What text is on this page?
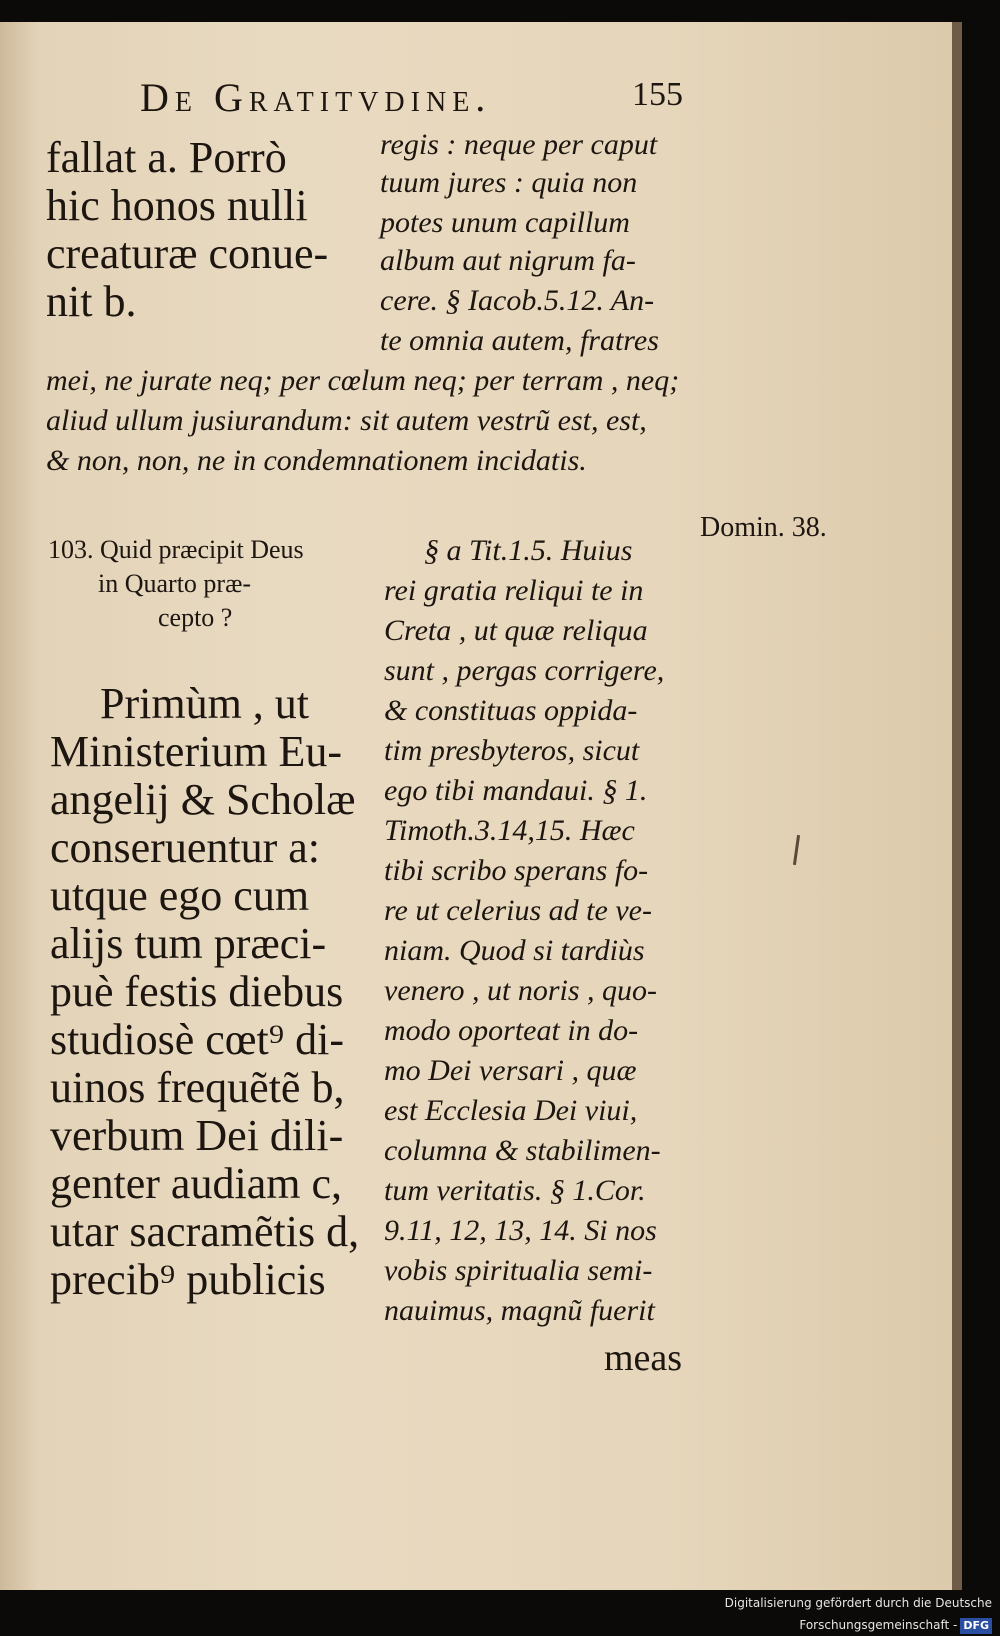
De Gratitvdine.	155
fallat a. Porrò
hic honos nulli
creaturæ conue-
nit b.
regis : neque per caput
tuum jures : quia non
potes unum capillum
album aut nigrum fa-
cere. § Iacob.5.12. An-
te omnia autem, fratres
mei, ne jurate neq; per cœlum neq; per terram , neq;
aliud ullum jusiurandum: sit autem vestrũ est, est,
& non, non, ne in condemnationem incidatis.
103. Quid præcipit Deus
in Quarto præ-
cepto ?
Domin. 38.
Primùm , ut
Ministerium Eu-
angelij & Scholæ
conseruentur a:
utque ego cum
alijs tum præci-
puè festis diebus
studiosè cœt⁹ di-
uinos frequẽtẽ b,
verbum Dei dili-
genter audiam c,
utar sacramẽtis d,
precib⁹ publicis
§ a Tit.1.5. Huius
rei gratia reliqui te in
Creta , ut quæ reliqua
sunt , pergas corrigere,
& constituas oppida-
tim presbyteros, sicut
ego tibi mandaui. § 1.
Timoth.3.14,15. Hæc
tibi scribo sperans fo-
re ut celerius ad te ve-
niam. Quod si tardiùs
venero , ut noris , quo-
modo oporteat in do-
mo Dei versari , quæ
est Ecclesia Dei viui,
columna & stabilimen-
tum veritatis. § 1.Cor.
9.11, 12, 13, 14. Si nos
vobis spiritualia semi-
nauimus, magnũ fuerit
meas
Digitalisierung gefördert durch die Deutsche Forschungsgemeinschaft - DFG
